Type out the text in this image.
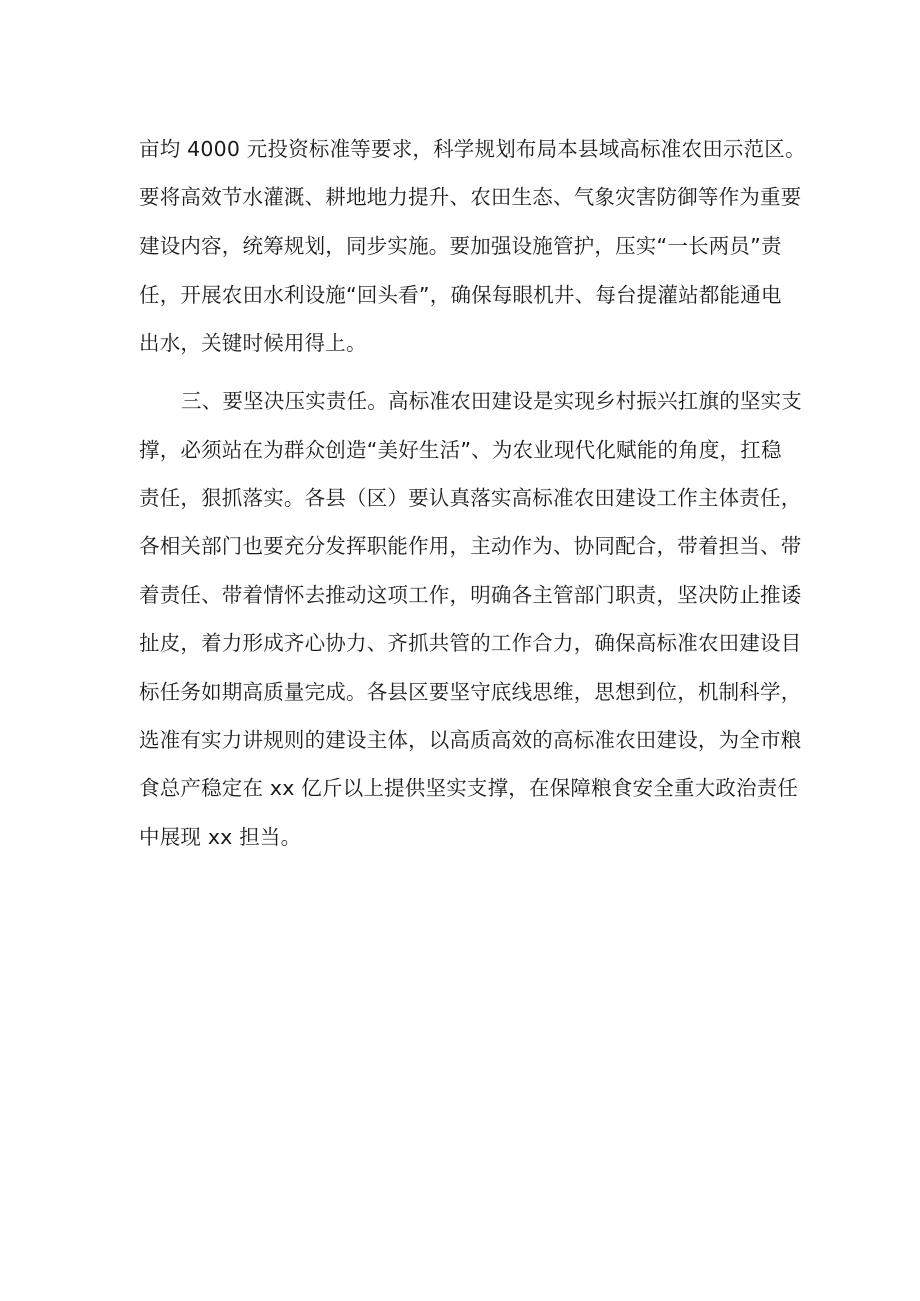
亩均 4000 元投资标准等要求，科学规划布局本县域高标准农田示范区。
要将高效节水灌溉、耕地地力提升、农田生态、气象灾害防御等作为重要
建设内容，统筹规划，同步实施。要加强设施管护，压实“一长两员”责
任，开展农田水利设施“回头看”，确保每眼机井、每台提灌站都能通电
出水，关键时候用得上。
三、要坚决压实责任。高标准农田建设是实现乡村振兴扛旗的坚实支
撑，必须站在为群众创造“美好生活”、为农业现代化赋能的角度，扛稳
责任，狠抓落实。各县（区）要认真落实高标准农田建设工作主体责任，
各相关部门也要充分发挥职能作用，主动作为、协同配合，带着担当、带
着责任、带着情怀去推动这项工作，明确各主管部门职责，坚决防止推诿
扯皮，着力形成齐心协力、齐抓共管的工作合力，确保高标准农田建设目
标任务如期高质量完成。各县区要坚守底线思维，思想到位，机制科学，
选准有实力讲规则的建设主体，以高质高效的高标准农田建设，为全市粮
食总产稳定在 xx 亿斤以上提供坚实支撑，在保障粮食安全重大政治责任
中展现 xx 担当。
